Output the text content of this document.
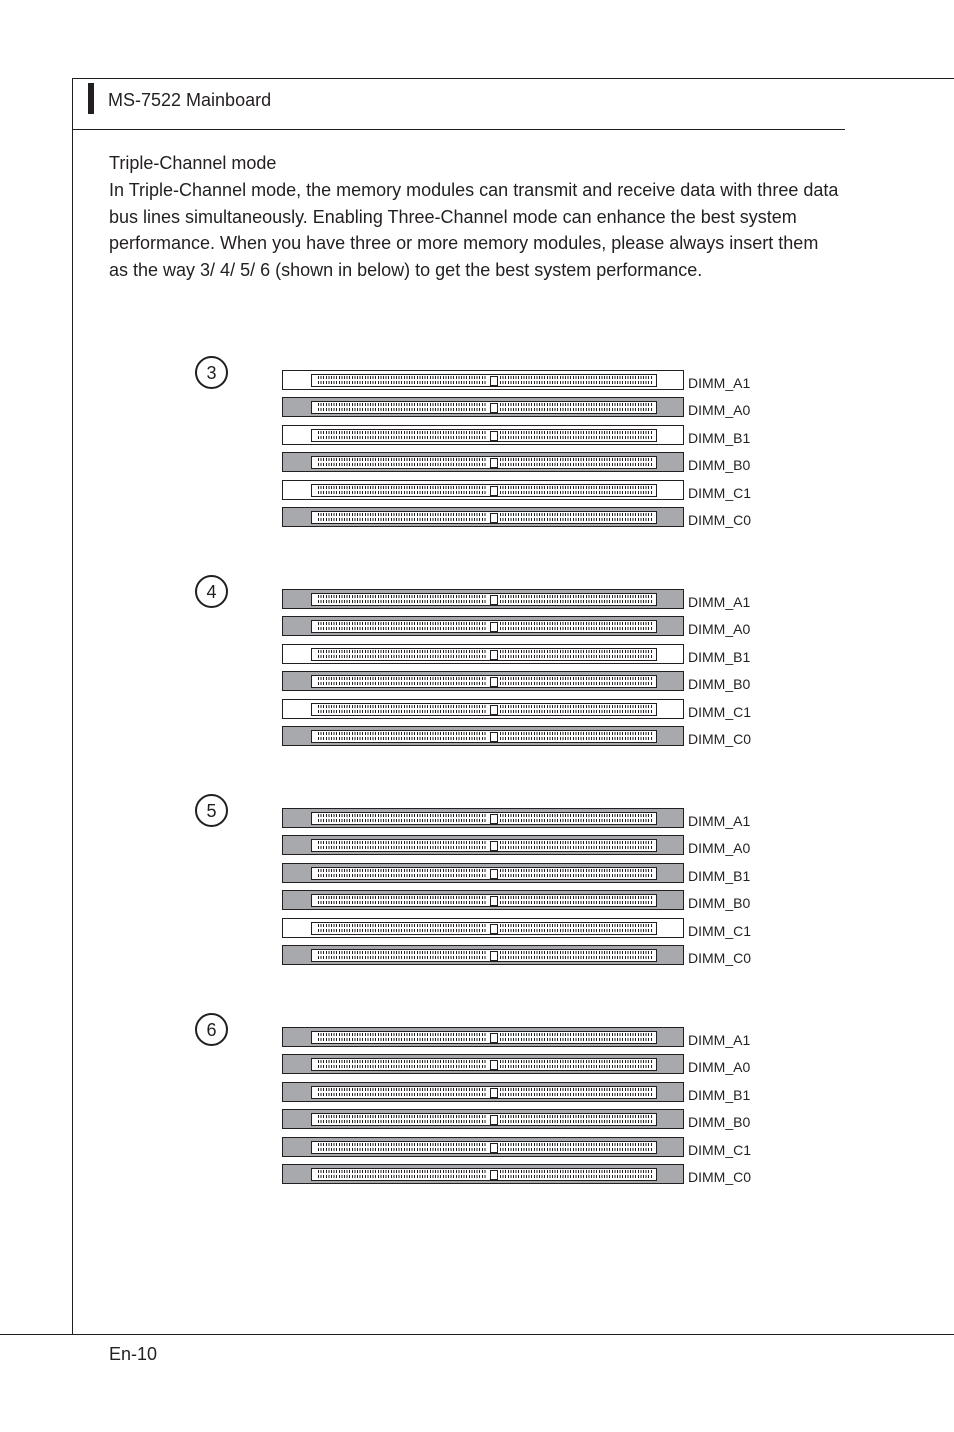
MS-7522 Mainboard
Triple-Channel mode

In Triple-Channel mode, the memory modules can transmit and receive data with three data bus lines simultaneously. Enabling Three-Channel mode can enhance the best system performance. When you have three or more memory modules, please always insert them as the way 3/ 4/ 5/ 6 (shown in below) to get the best system performance.

3
DIMM_A1
DIMM_A0
DIMM_B1
DIMM_B0
DIMM_C1
DIMM_C0
4
DIMM_A1
DIMM_A0
DIMM_B1
DIMM_B0
DIMM_C1
DIMM_C0
5
DIMM_A1
DIMM_A0
DIMM_B1
DIMM_B0
DIMM_C1
DIMM_C0
6
DIMM_A1
DIMM_A0
DIMM_B1
DIMM_B0
DIMM_C1
DIMM_C0
En-10
